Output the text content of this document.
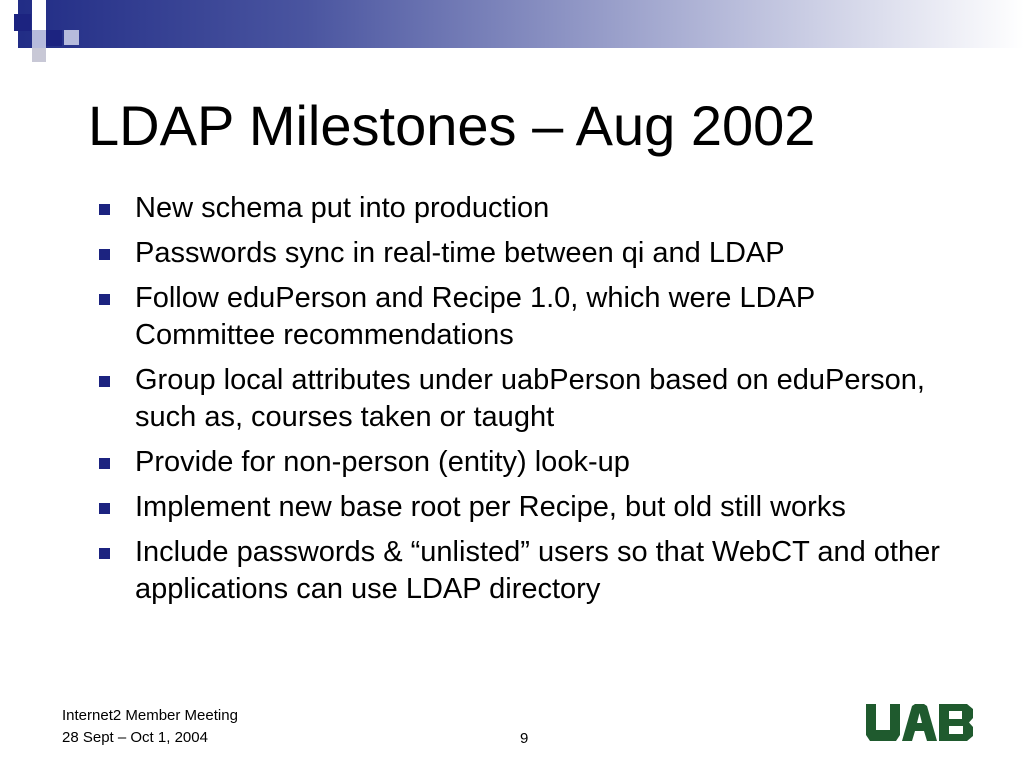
LDAP Milestones – Aug 2002
New schema put into production
Passwords sync in real-time between qi and LDAP
Follow eduPerson and Recipe 1.0, which were LDAP Committee recommendations
Group local attributes under uabPerson based on eduPerson, such as, courses taken or taught
Provide for non-person (entity) look-up
Implement new base root per Recipe, but old still works
Include passwords & “unlisted” users so that WebCT and other applications can use LDAP directory
Internet2 Member Meeting
28 Sept – Oct 1, 2004	9
